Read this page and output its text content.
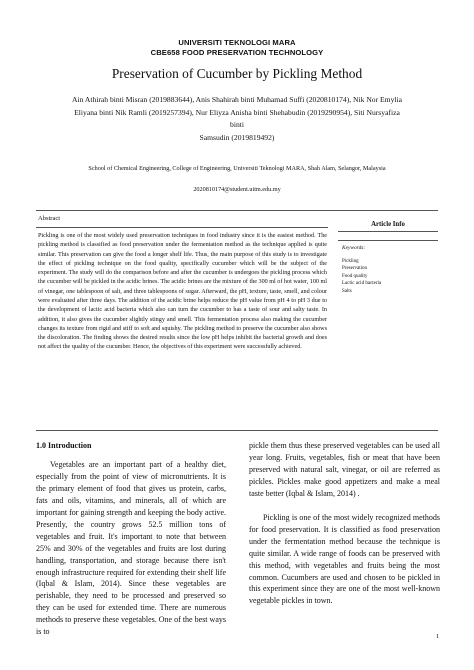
UNIVERSITI TEKNOLOGI MARA
CBE658 FOOD PRESERVATION TECHNOLOGY
Preservation of Cucumber by Pickling Method
Ain Athirah binti Misran (2019883644), Anis Shahirah binti Muhamad Suffi (2020810174), Nik Nor Emylia
Eliyana binti Nik Ramli (2019257394), Nur Eliyza Anisha binti Shehabudin (2019290954), Siti Nursyafiza binti
Samsudin (2019819492)
School of Chemical Engineering, College of Engineering, Universiti Teknologi MARA, Shah Alam, Selangor, Malaysia
2020810174@student.uitm.edu.my
Abstract

Pickling is one of the most widely used preservation techniques in food industry since it is the easiest method. The pickling method is classified as food preservation under the fermentation method as the technique applied is quite similar. This preservation can give the food a longer shelf life. Thus, the main purpose of this study is to investigate the effect of pickling technique on the food quality, specifically cucumber which will be the subject of the experiment. The study will do the comparison before and after the cucumber is undergoes the pickling process which the cucumber will be pickled in the acidic brines. The acidic brines are the mixture of the 300 ml of hot water, 100 ml of vinegar, one tablespoon of salt, and three tablespoons of sugar. Afterward, the pH, texture, taste, smell, and colour were evaluated after three days. The addition of the acidic brine helps reduce the pH value from pH 4 to pH 3 due to the development of lactic acid bacteria which also can turn the cucumber to has a taste of sour and salty taste. In addition, it also gives the cucumber slightly stingy and smell. This fermentation process also making the cucumber changes its texture from rigid and stiff to soft and squishy. The pickling method to preserve the cucumber also shows the discoloration. The finding shows the desired results since the low pH helps inhibit the bacterial growth and does not affect the quality of the cucumber. Hence, the objectives of this experiment were successfully achieved.

Article Info
Keywords:
Pickling
Preservation
Food quality
Lactic acid bacteria
Salts

1.0 Introduction

Vegetables are an important part of a healthy diet, especially from the point of view of micronutrients. It is the primary element of food that gives us protein, carbs, fats and oils, vitamins, and minerals, all of which are important for gaining strength and keeping the body active. Presently, the country grows 52.5 million tons of vegetables and fruit. It's important to note that between 25% and 30% of the vegetables and fruits are lost during handling, transportation, and storage because there isn't enough infrastructure required for extending their shelf life (Iqbal & Islam, 2014). Since these vegetables are perishable, they need to be processed and preserved so they can be used for extended time. There are numerous methods to preserve these vegetables. One of the best ways is to

pickle them thus these preserved vegetables can be used all year long. Fruits, vegetables, fish or meat that have been preserved with natural salt, vinegar, or oil are referred as pickles. Pickles make good appetizers and make a meal taste better (Iqbal & Islam, 2014) .

Pickling is one of the most widely recognized methods for food preservation. It is classified as food preservation under the fermentation method because the technique is quite similar. A wide range of foods can be preserved with this method, with vegetables and fruits being the most common. Cucumbers are used and chosen to be pickled in this experiment since they are one of the most well-known vegetable pickles in town.

1
